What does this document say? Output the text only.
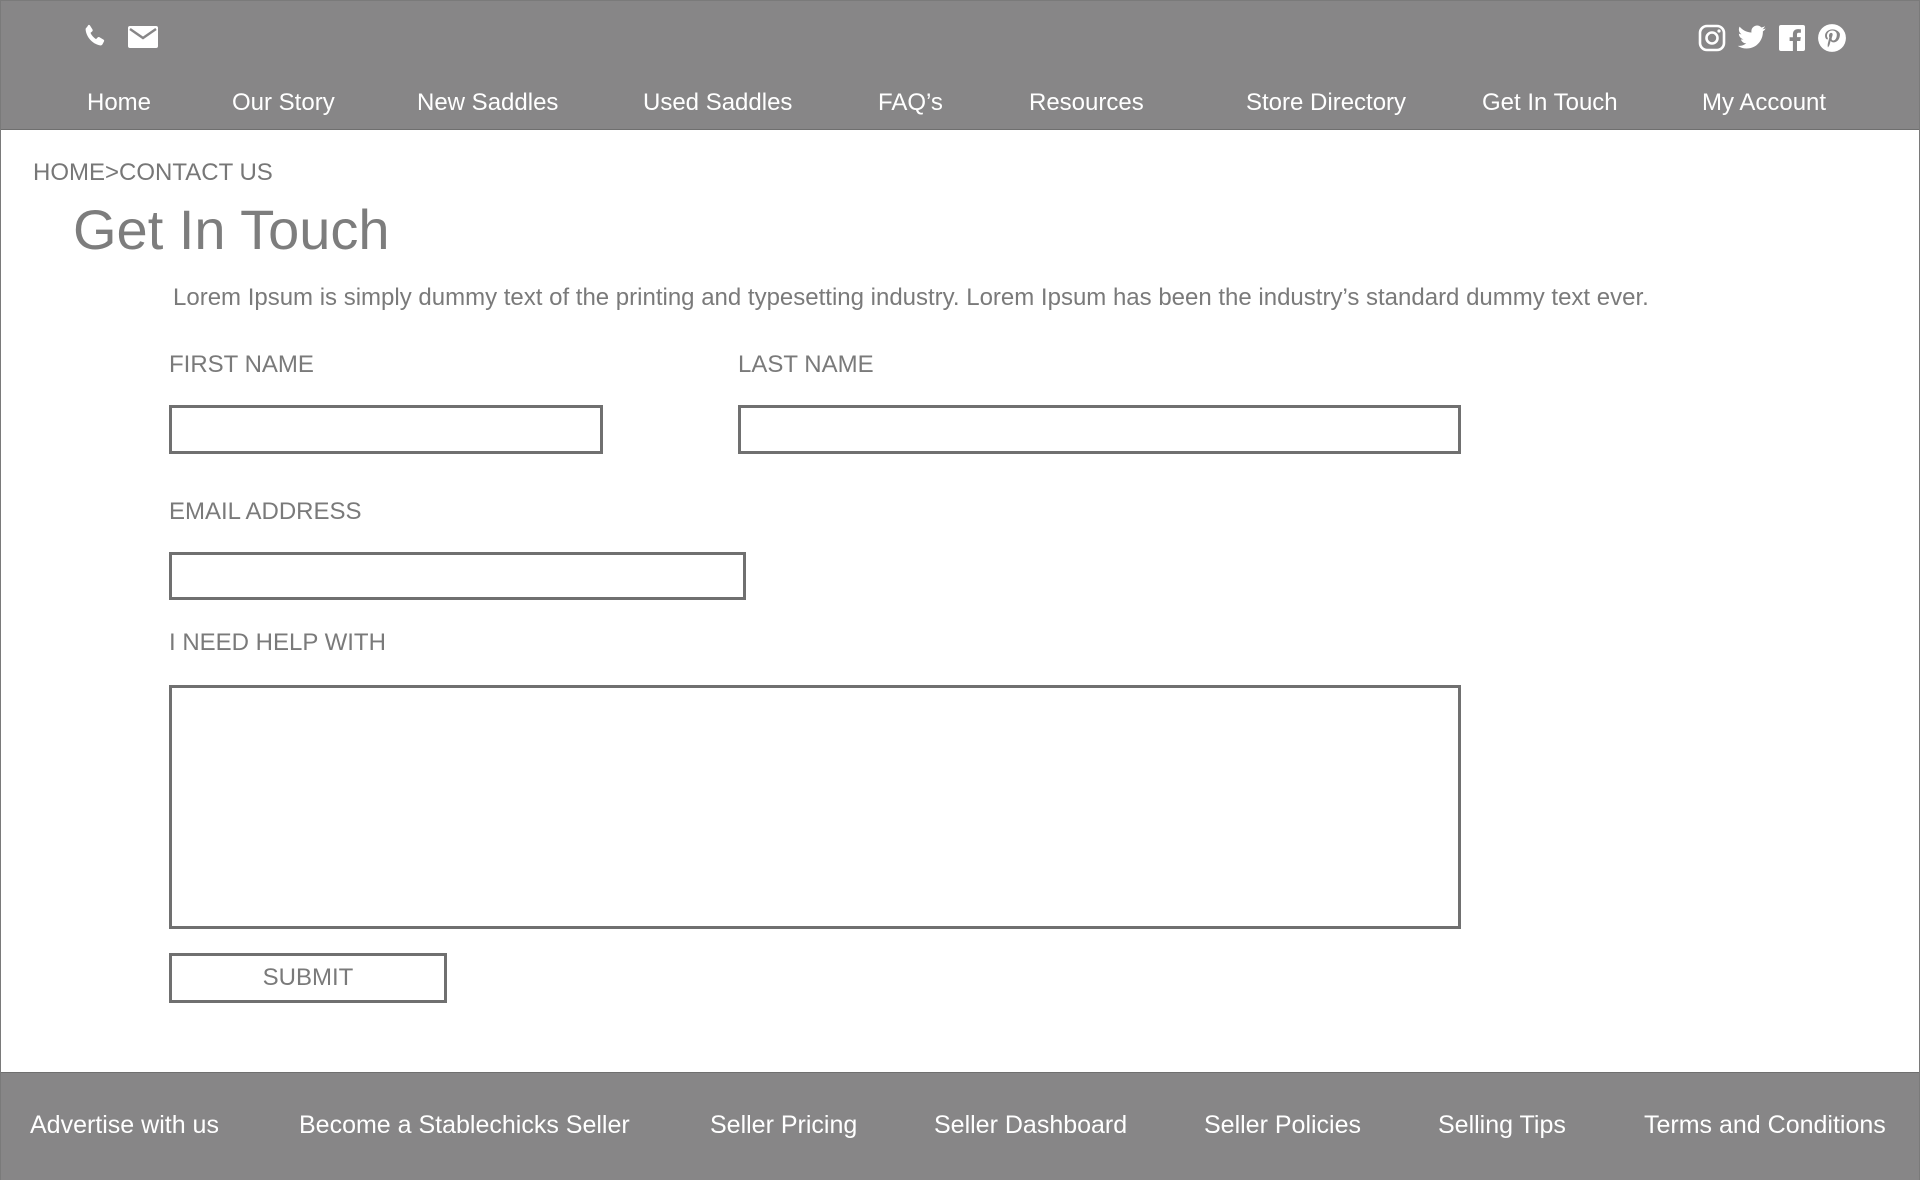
Home	Our Story	New Saddles	Used Saddles	FAQ’s	Resources	Store Directory	Get In Touch	My Account
HOME>CONTACT US
Get In Touch

Lorem Ipsum is simply dummy text of the printing and typesetting industry. Lorem Ipsum has been the industry’s standard dummy text ever.

FIRST NAME	LAST NAME
EMAIL ADDRESS
I NEED HELP WITH
SUBMIT
Advertise with us	Become a Stablechicks Seller	Seller Pricing	Seller Dashboard	Seller Policies	Selling Tips	Terms and Conditions
